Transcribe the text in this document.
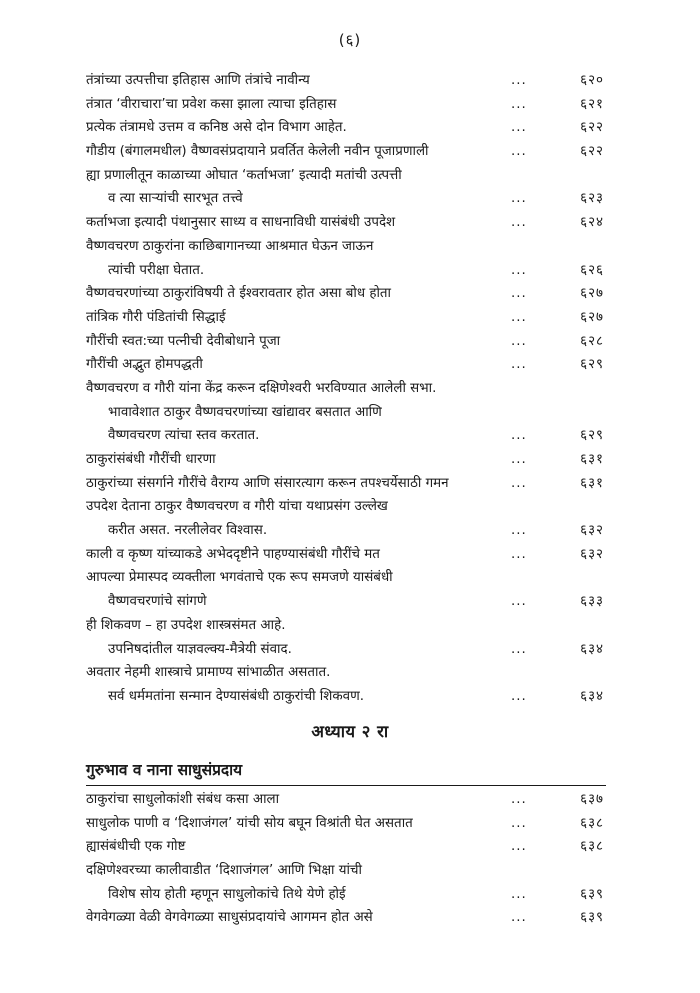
(६)
तंत्रांच्या उत्पत्तीचा इतिहास आणि तंत्रांचे नावीन्य	...	६२०
तंत्रात ‘वीराचारा’चा प्रवेश कसा झाला त्याचा इतिहास	...	६२१
प्रत्येक तंत्रामधे उत्तम व कनिष्ठ असे दोन विभाग आहेत.	...	६२२
गौडीय (बंगालमधील) वैष्णवसंप्रदायाने प्रवर्तित केलेली नवीन पूजाप्रणाली	...	६२२
ह्या प्रणालीतून काळाच्या ओघात ‘कर्ताभजा’ इत्यादी मतांची उत्पत्ती
व त्या साऱ्यांची सारभूत तत्त्वे	...	६२३
कर्ताभजा इत्यादी पंथानुसार साध्य व साधनाविधी यासंबंधी उपदेश	...	६२४
वैष्णवचरण ठाकुरांना काछिबागानच्या आश्रमात घेऊन जाऊन
त्यांची परीक्षा घेतात.	...	६२६
वैष्णवचरणांच्या ठाकुरांविषयी ते ईश्वरावतार होत असा बोध होता	...	६२७
तांत्रिक गौरी पंडितांची सिद्धाई	...	६२७
गौरींची स्वत:च्या पत्नीची देवीबोधाने पूजा	...	६२८
गौरींची अद्भुत होमपद्धती	...	६२९
वैष्णवचरण व गौरी यांना केंद्र करून दक्षिणेश्वरी भरविण्यात आलेली सभा.
भावावेशात ठाकुर वैष्णवचरणांच्या खांद्यावर बसतात आणि
वैष्णवचरण त्यांचा स्तव करतात.	...	६२९
ठाकुरांसंबंधी गौरींची धारणा	...	६३१
ठाकुरांच्या संसर्गाने गौरींचे वैराग्य आणि संसारत्याग करून तपश्चर्येसाठी गमन	...	६३१
उपदेश देताना ठाकुर वैष्णवचरण व गौरी यांचा यथाप्रसंग उल्लेख
करीत असत. नरलीलेवर विश्वास.	...	६३२
काली व कृष्ण यांच्याकडे अभेददृष्टीने पाहण्यासंबंधी गौरींचे मत	...	६३२
आपल्या प्रेमास्पद व्यक्तीला भगवंताचे एक रूप समजणे यासंबंधी
वैष्णवचरणांचे सांगणे	...	६३३
ही शिकवण – हा उपदेश शास्त्रसंमत आहे.
उपनिषदांतील याज्ञवल्क्य-मैत्रेयी संवाद.	...	६३४
अवतार नेहमी शास्त्राचे प्रामाण्य सांभाळीत असतात.
सर्व धर्ममतांना सन्मान देण्यासंबंधी ठाकुरांची शिकवण.	...	६३४
अध्याय २ रा
गुरुभाव व नाना साधुसंप्रदाय
ठाकुरांचा साधुलोकांशी संबंध कसा आला	...	६३७
साधुलोक पाणी व ‘दिशाजंगल’ यांची सोय बघून विश्रांती घेत असतात	...	६३८
ह्यासंबंधीची एक गोष्ट	...	६३८
दक्षिणेश्वरच्या कालीवाडीत ‘दिशाजंगल’ आणि भिक्षा यांची
विशेष सोय होती म्हणून साधुलोकांचे तिथे येणे होई	...	६३९
वेगवेगळ्या वेळी वेगवेगळ्या साधुसंप्रदायांचे आगमन होत असे	...	६३९
